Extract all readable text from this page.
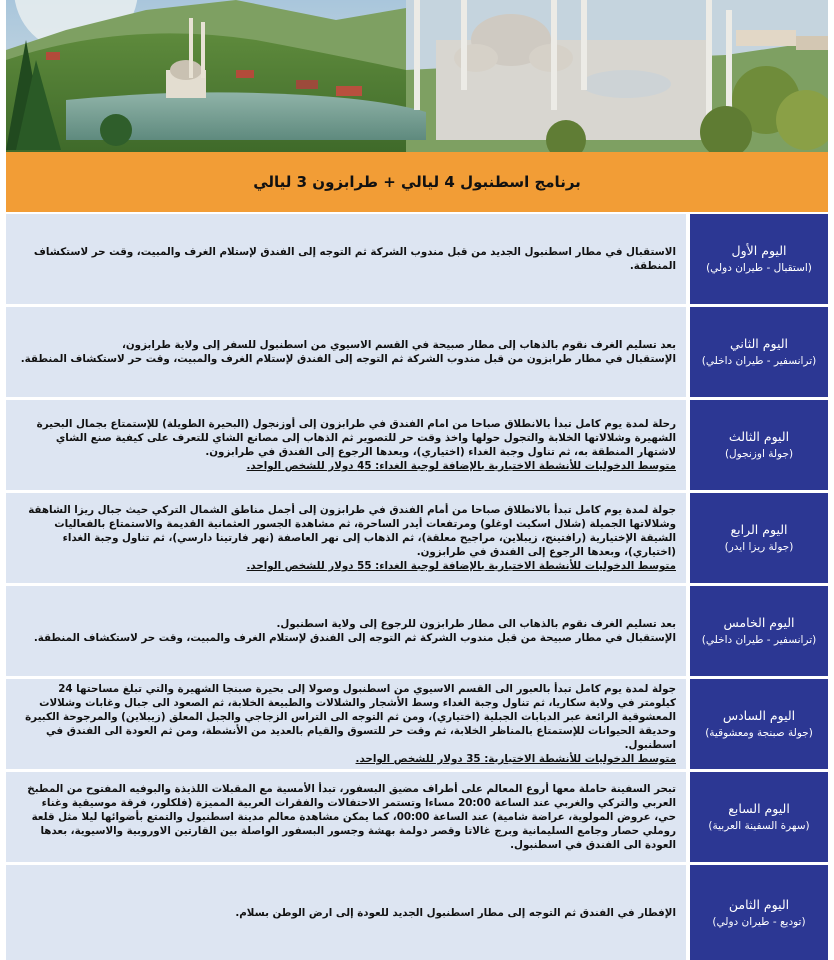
برنامج اسطنبول 4 ليالي + طرابزون 3 ليالي

الاستقبال في مطار اسطنبول الجديد من قبل مندوب الشركة ثم التوجه إلى الفندق لإستلام الغرف والمبيت، وقت حر لاستكشاف المنطقة.

اليوم الأول
(استقبال - طيران دولي)

بعد تسليم الغرف نقوم بالذهاب إلى مطار صبيحة في القسم الاسيوي من اسطنبول للسفر إلى ولاية طرابزون،

الإستقبال في مطار طرابزون من قبل مندوب الشركة ثم التوجه إلى الفندق لإستلام الغرف والمبيت، وقت حر لاستكشاف المنطقة.

اليوم الثاني
(ترانسفير - طيران داخلي)

رحلة لمدة يوم كامل تبدأ بالانطلاق صباحا من امام الفندق في طرابزون إلى أوزنجول (البحيرة الطويلة) للإستمتاع بجمال البحيرة الشهيرة وشلالاتها الخلابة والتجول حولها واخذ وقت حر للتصوير ثم الذهاب إلى مصانع الشاي للتعرف على كيفية صنع الشاي لاشتهار المنطقة به، ثم تناول وجبة الغداء (اختياري)، وبعدها الرجوع إلى الفندق في طرابزون.

متوسط الدخوليات للأنشطة الاختيارية بالإضافة لوجبة الغداء: 45 دولار للشخص الواحد.

اليوم الثالث
(جولة اوزنجول)

جولة لمدة يوم كامل تبدأ بالانطلاق صباحا من أمام الفندق في طرابزون إلى أجمل مناطق الشمال التركي حيث جبال ريزا الشاهقة وشلالاتها الجميلة (شلال اسكيت اوغلو) ومرتفعات أيدر الساحرة، ثم مشاهدة الجسور العثمانية القديمة والاستمتاع بالفعاليات الشيقة الإختيارية (رافتينج، زيبلاين، مراجيح معلقة)، ثم الذهاب إلى نهر العاصفة (نهر فارتينا دارسي)، ثم تناول وجبة الغداء (اختياري)، وبعدها الرجوع إلى الفندق في طرابزون.

متوسط الدخوليات للأنشطة الاختيارية بالإضافة لوجبة الغداء: 55 دولار للشخص الواحد.

اليوم الرابع
(جولة ريزا ايدر)

بعد تسليم الغرف نقوم بالذهاب الى مطار طرابزون للرجوع إلى ولاية اسطنبول.

الإستقبال في مطار صبيحة من قبل مندوب الشركة ثم التوجه إلى الفندق لإستلام الغرف والمبيت، وقت حر لاستكشاف المنطقة.

اليوم الخامس
(ترانسفير - طيران داخلي)

جولة لمدة يوم كامل تبدأ بالعبور الى القسم الاسيوي من اسطنبول وصولا إلى بحيرة صبنجا الشهيرة والتي تبلغ مساحتها 24 كيلومتر في ولاية سكاريا، ثم تناول وجبة الغداء وسط الأشجار والشلالات والطبيعة الخلابة، ثم الصعود الى جبال وغابات وشلالات المعشوقية الرائعة عبر الدبابات الجبلية (اختياري)، ومن ثم التوجه الى التراس الزجاجي والجبل المعلق (زيبلاين) والمرجوحة الكبيرة وحديقة الحيوانات للإستمتاع بالمناظر الخلابة، ثم وقت حر للتسوق والقيام بالعديد من الأنشطة، ومن ثم العودة الى الفندق في اسطنبول.

متوسط الدخوليات للأنشطة الاختيارية: 35 دولار للشخص الواحد.

اليوم السادس
(جولة صبنجة ومعشوقية)

تبحر السفينة حاملة معها أروع المعالم على أطراف مضيق البسفور، تبدأ الأمسية مع المقبلات اللذيذة والبوفيه المفتوح من المطبخ العربي والتركي والغربي عند الساعة 20:00 مساءا وتستمر الاحتفالات والفقرات العربية المميزة (فلكلور، فرقة موسيقية وغناء حي، عروض المولوية، عراضة شامية) عند الساعة 00:00، كما يمكن مشاهدة معالم مدينة اسطنبول والتمتع بأضوائها ليلا مثل قلعة روملي حصار وجامع السليمانية وبرج غالاتا وقصر دولمة بهشة وجسور البسفور الواصلة بين القارتين الاوروبية والاسيوية، بعدها العودة الى الفندق في اسطنبول.

اليوم السابع
(سهرة السفينة العربية)

الإفطار في الفندق ثم التوجه إلى مطار اسطنبول الجديد للعودة إلى ارض الوطن بسلام.

اليوم الثامن
(توديع - طيران دولي)
